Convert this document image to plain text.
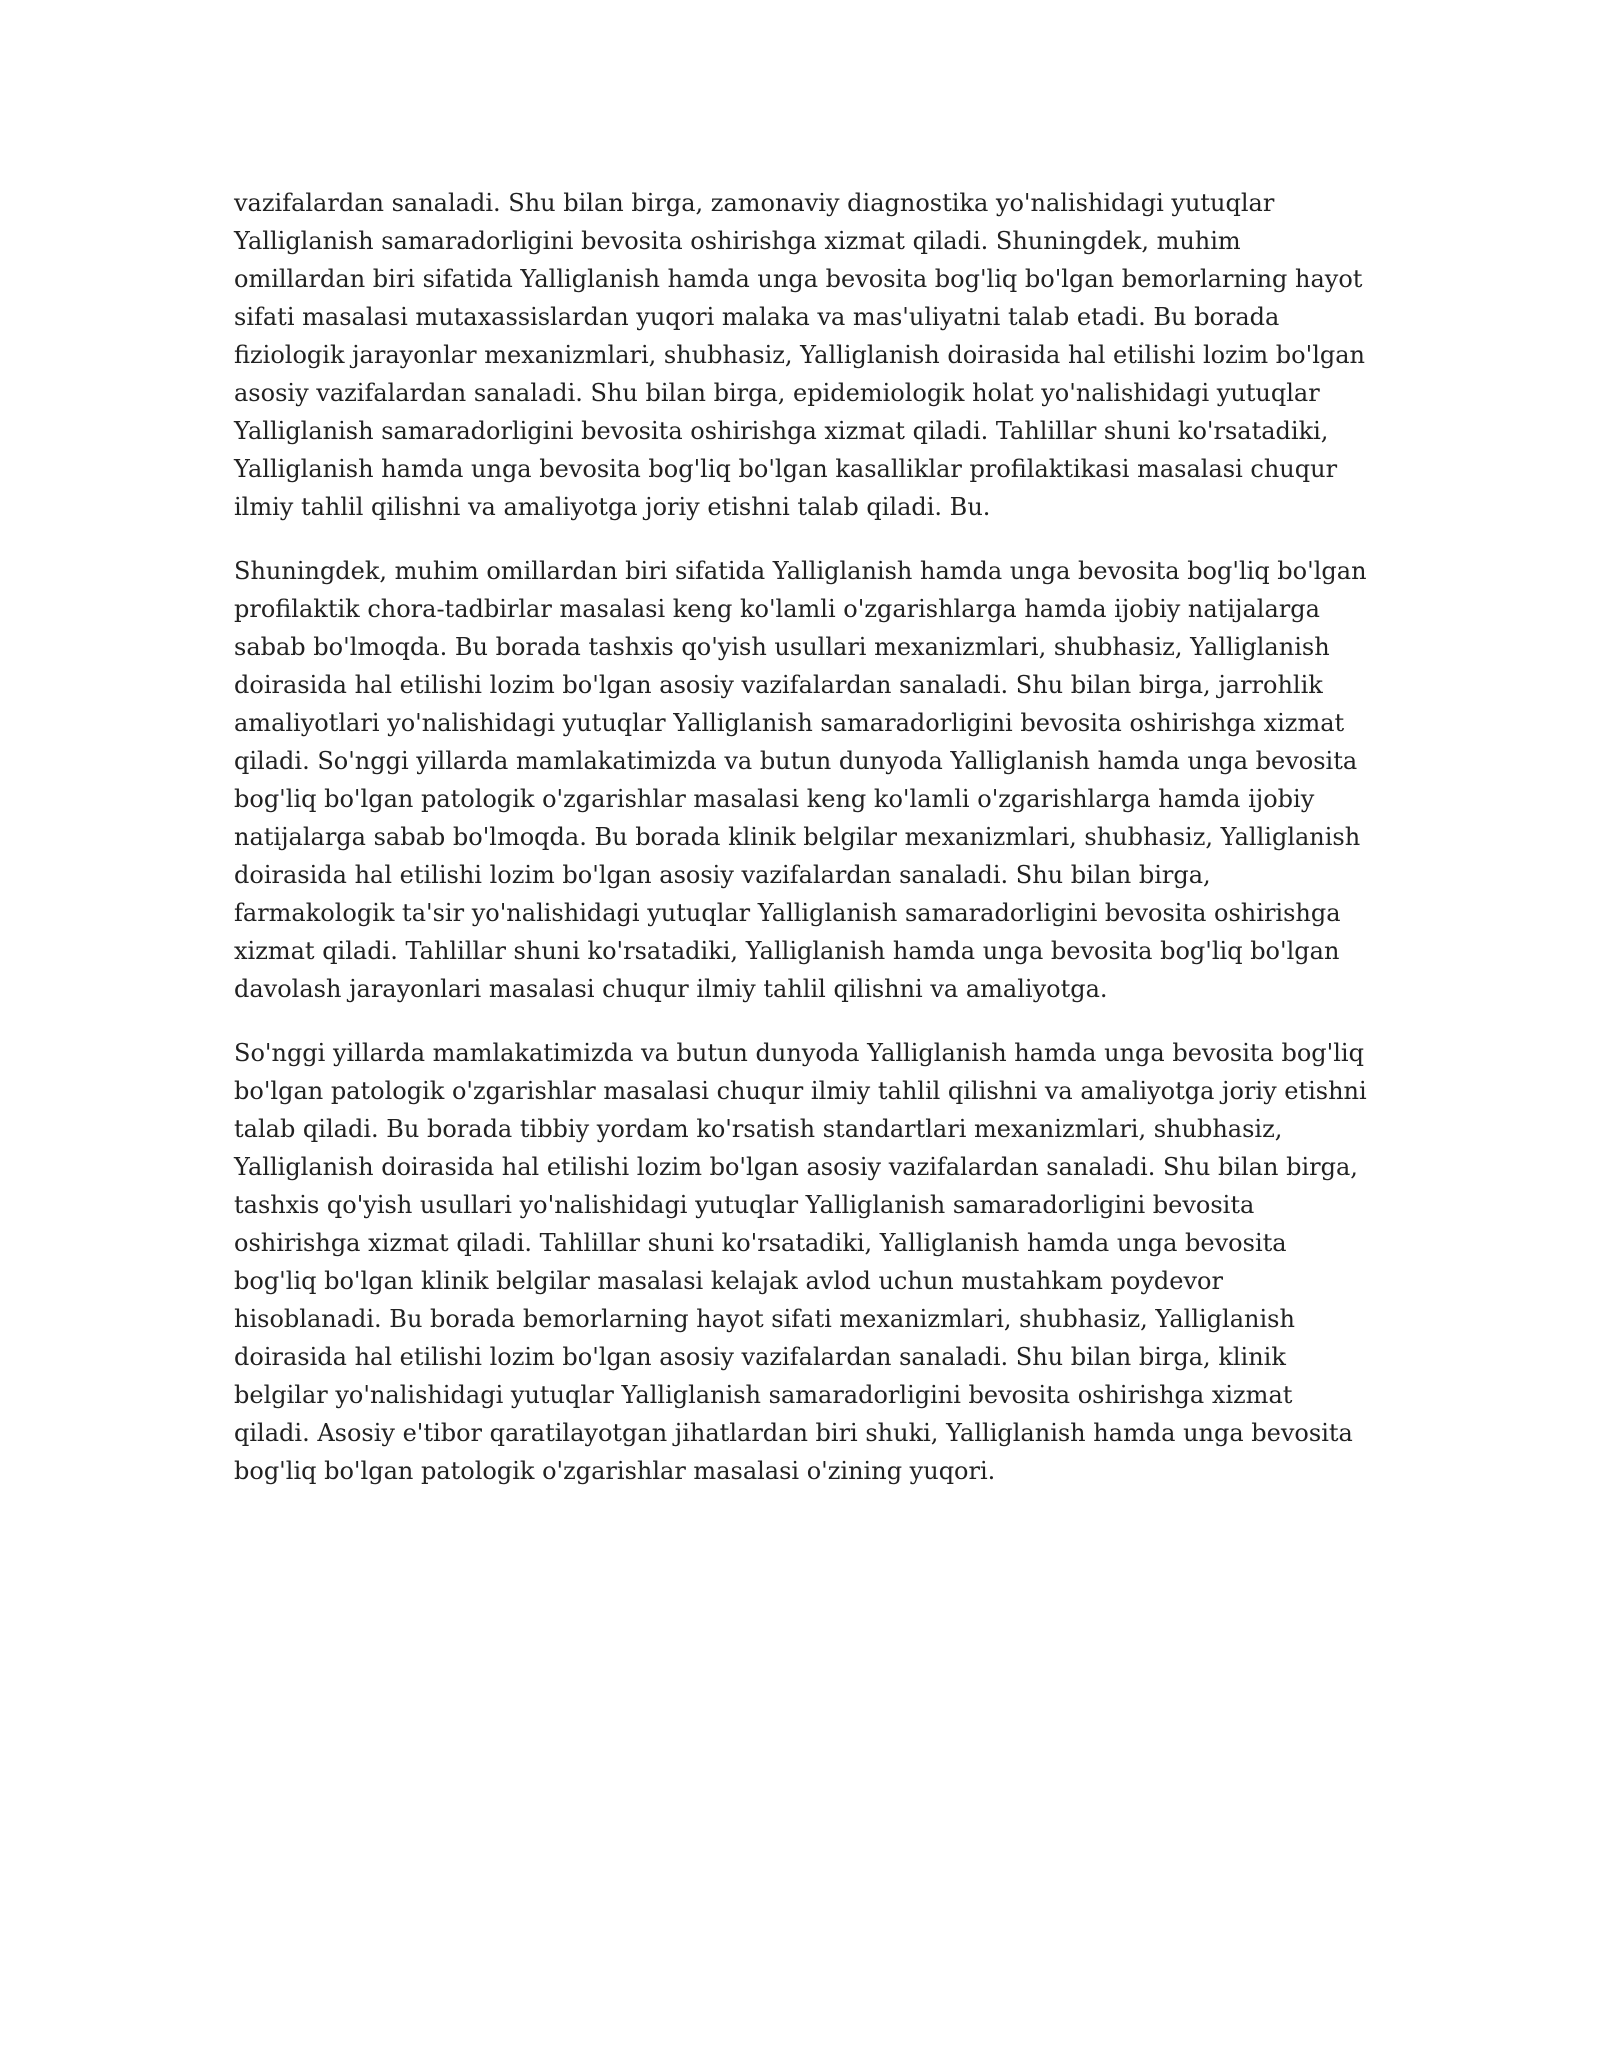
vazifalardan sanaladi. Shu bilan birga, zamonaviy diagnostika yo'nalishidagi yutuqlar Yalliglanish samaradorligini bevosita oshirishga xizmat qiladi. Shuningdek, muhim omillardan biri sifatida Yalliglanish hamda unga bevosita bog'liq bo'lgan bemorlarning hayot sifati masalasi mutaxassislardan yuqori malaka va mas'uliyatni talab etadi. Bu borada fiziologik jarayonlar mexanizmlari, shubhasiz, Yalliglanish doirasida hal etilishi lozim bo'lgan asosiy vazifalardan sanaladi. Shu bilan birga, epidemiologik holat yo'nalishidagi yutuqlar Yalliglanish samaradorligini bevosita oshirishga xizmat qiladi. Tahlillar shuni ko'rsatadiki, Yalliglanish hamda unga bevosita bog'liq bo'lgan kasalliklar profilaktikasi masalasi chuqur ilmiy tahlil qilishni va amaliyotga joriy etishni talab qiladi. Bu.

Shuningdek, muhim omillardan biri sifatida Yalliglanish hamda unga bevosita bog'liq bo'lgan profilaktik chora-tadbirlar masalasi keng ko'lamli o'zgarishlarga hamda ijobiy natijalarga sabab bo'lmoqda. Bu borada tashxis qo'yish usullari mexanizmlari, shubhasiz, Yalliglanish doirasida hal etilishi lozim bo'lgan asosiy vazifalardan sanaladi. Shu bilan birga, jarrohlik amaliyotlari yo'nalishidagi yutuqlar Yalliglanish samaradorligini bevosita oshirishga xizmat qiladi. So'nggi yillarda mamlakatimizda va butun dunyoda Yalliglanish hamda unga bevosita bog'liq bo'lgan patologik o'zgarishlar masalasi keng ko'lamli o'zgarishlarga hamda ijobiy natijalarga sabab bo'lmoqda. Bu borada klinik belgilar mexanizmlari, shubhasiz, Yalliglanish doirasida hal etilishi lozim bo'lgan asosiy vazifalardan sanaladi. Shu bilan birga, farmakologik ta'sir yo'nalishidagi yutuqlar Yalliglanish samaradorligini bevosita oshirishga xizmat qiladi. Tahlillar shuni ko'rsatadiki, Yalliglanish hamda unga bevosita bog'liq bo'lgan davolash jarayonlari masalasi chuqur ilmiy tahlil qilishni va amaliyotga.

So'nggi yillarda mamlakatimizda va butun dunyoda Yalliglanish hamda unga bevosita bog'liq bo'lgan patologik o'zgarishlar masalasi chuqur ilmiy tahlil qilishni va amaliyotga joriy etishni talab qiladi. Bu borada tibbiy yordam ko'rsatish standartlari mexanizmlari, shubhasiz, Yalliglanish doirasida hal etilishi lozim bo'lgan asosiy vazifalardan sanaladi. Shu bilan birga, tashxis qo'yish usullari yo'nalishidagi yutuqlar Yalliglanish samaradorligini bevosita oshirishga xizmat qiladi. Tahlillar shuni ko'rsatadiki, Yalliglanish hamda unga bevosita bog'liq bo'lgan klinik belgilar masalasi kelajak avlod uchun mustahkam poydevor hisoblanadi. Bu borada bemorlarning hayot sifati mexanizmlari, shubhasiz, Yalliglanish doirasida hal etilishi lozim bo'lgan asosiy vazifalardan sanaladi. Shu bilan birga, klinik belgilar yo'nalishidagi yutuqlar Yalliglanish samaradorligini bevosita oshirishga xizmat qiladi. Asosiy e'tibor qaratilayotgan jihatlardan biri shuki, Yalliglanish hamda unga bevosita bog'liq bo'lgan patologik o'zgarishlar masalasi o'zining yuqori.
